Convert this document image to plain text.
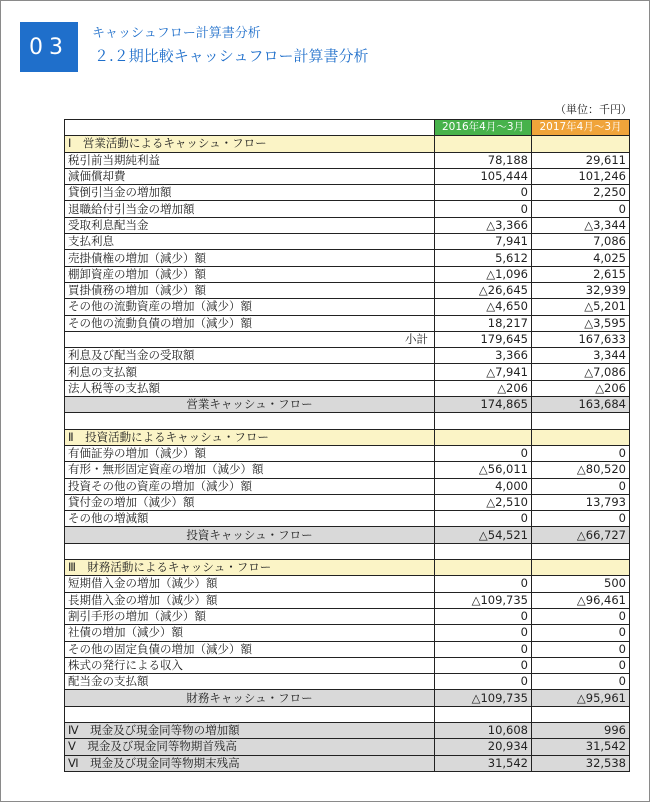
03
キャッシュフロー計算書分析
２.２期比較キャッシュフロー計算書分析
（単位：千円）
	2016年4月～3月	2017年4月～3月
Ⅰ　営業活動によるキャッシュ・フロー		
税引前当期純利益	78,188	29,611
減価償却費	105,444	101,246
貸倒引当金の増加額	0	2,250
退職給付引当金の増加額	0	0
受取利息配当金	△3,366	△3,344
支払利息	7,941	7,086
売掛債権の増加（減少）額	5,612	4,025
棚卸資産の増加（減少）額	△1,096	2,615
買掛債務の増加（減少）額	△26,645	32,939
その他の流動資産の増加（減少）額	△4,650	△5,201
その他の流動負債の増加（減少）額	18,217	△3,595
小計	179,645	167,633
利息及び配当金の受取額	3,366	3,344
利息の支払額	△7,941	△7,086
法人税等の支払額	△206	△206
営業キャッシュ・フロー	174,865	163,684

Ⅱ　投資活動によるキャッシュ・フロー		
有価証券の増加（減少）額	0	0
有形・無形固定資産の増加（減少）額	△56,011	△80,520
投資その他の資産の増加（減少）額	4,000	0
貸付金の増加（減少）額	△2,510	13,793
その他の増減額	0	0
投資キャッシュ・フロー	△54,521	△66,727

Ⅲ　財務活動によるキャッシュ・フロー		
短期借入金の増加（減少）額	0	500
長期借入金の増加（減少）額	△109,735	△96,461
割引手形の増加（減少）額	0	0
社債の増加（減少）額	0	0
その他の固定負債の増加（減少）額	0	0
株式の発行による収入	0	0
配当金の支払額	0	0
財務キャッシュ・フロー	△109,735	△95,961

Ⅳ　現金及び現金同等物の増加額	10,608	996
Ⅴ　現金及び現金同等物期首残高	20,934	31,542
Ⅵ　現金及び現金同等物期末残高	31,542	32,538
